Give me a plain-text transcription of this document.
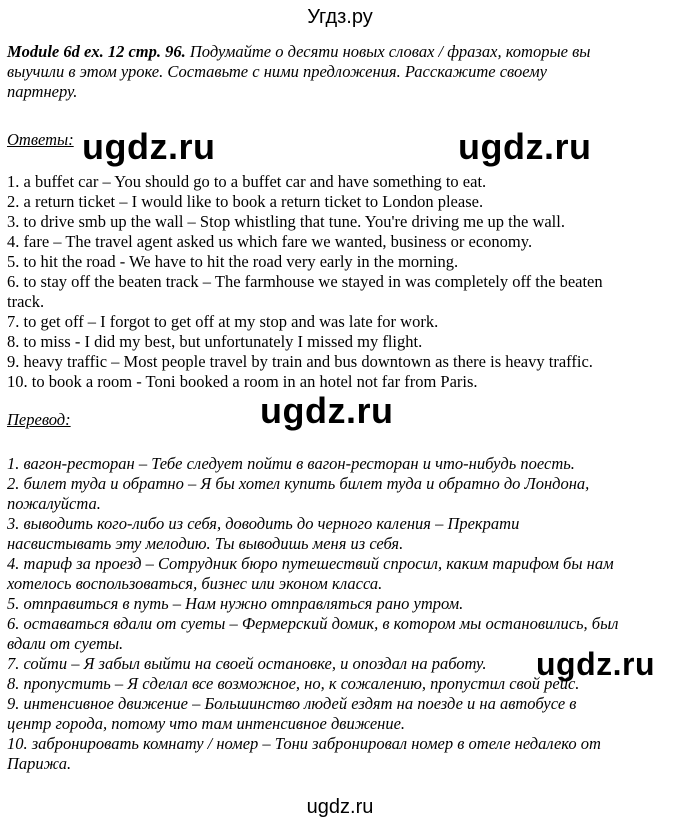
Угдз.ру
Module 6d ex. 12 стр. 96. Подумайте о десяти новых словах / фразах, которые вы
выучили в этом уроке. Составьте с ними предложения. Расскажите своему
партнеру.
Ответы: ugdz.ru	ugdz.ru
1. a buffet car – You should go to a buffet car and have something to eat.
2. a return ticket – I would like to book a return ticket to London please.
3. to drive smb up the wall – Stop whistling that tune. You're driving me up the wall.
4. fare – The travel agent asked us which fare we wanted, business or economy.
5. to hit the road - We have to hit the road very early in the morning.
6. to stay off the beaten track – The farmhouse we stayed in was completely off the beaten
track.
7. to get off – I forgot to get off at my stop and was late for work.
8. to miss - I did my best, but unfortunately I missed my flight.
9. heavy traffic – Most people travel by train and bus downtown as there is heavy traffic.
10. to book a room - Toni booked a room in an hotel not far from Paris.
ugdz.ru
Перевод:
1. вагон-ресторан – Тебе следует пойти в вагон-ресторан и что-нибудь поесть.
2. билет туда и обратно – Я бы хотел купить билет туда и обратно до Лондона,
пожалуйста.
3. выводить кого-либо из себя, доводить до черного каления – Прекрати
насвистывать эту мелодию. Ты выводишь меня из себя.
4. тариф за проезд – Сотрудник бюро путешествий спросил, каким тарифом бы нам
хотелось воспользоваться, бизнес или эконом класса.
5. отправиться в путь – Нам нужно отправляться рано утром.
6. оставаться вдали от суеты – Фермерский домик, в котором мы остановились, был
вдали от суеты.
7. сойти – Я забыл выйти на своей остановке, и опоздал на работу.
8. пропустить – Я сделал все возможное, но, к сожалению, пропустил свой рейс.
9. интенсивное движение – Большинство людей ездят на поезде и на автобусе в
центр города, потому что там интенсивное движение.
10. забронировать комнату / номер – Тони забронировал номер в отеле недалеко от
Парижа.
ugdz.ru
ugdz.ru
